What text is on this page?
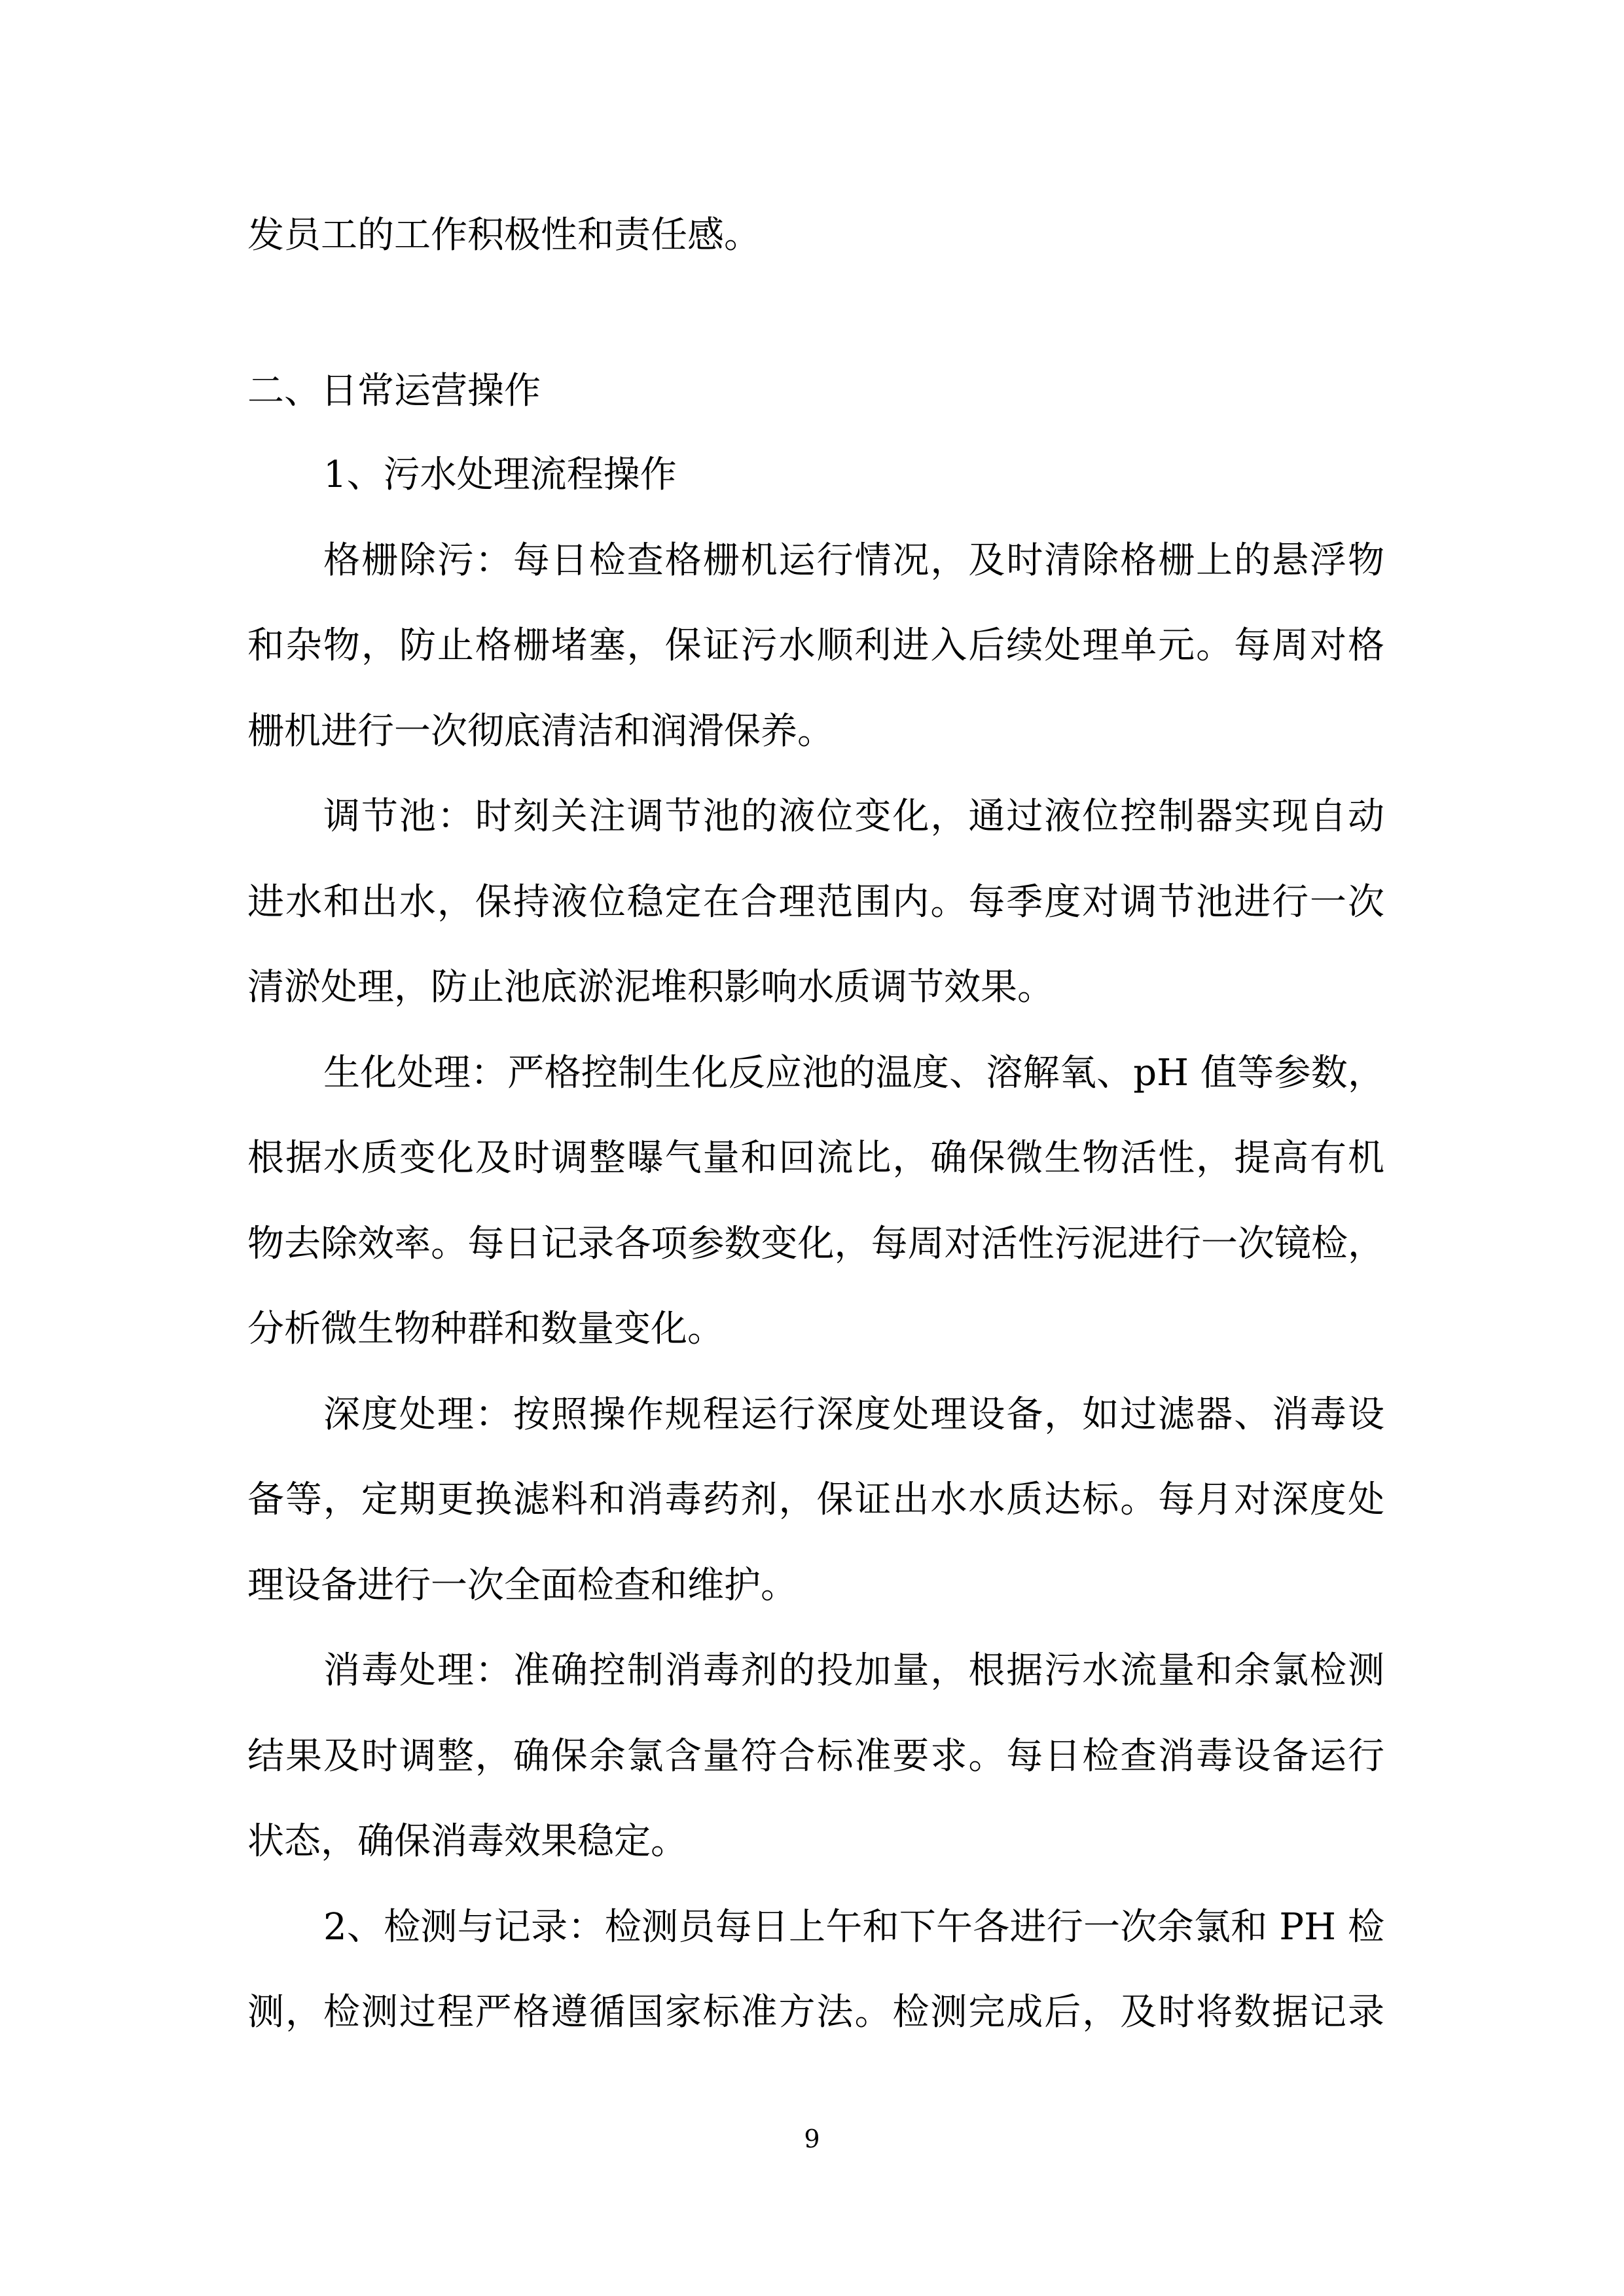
发员工的工作积极性和责任感。
二、日常运营操作
1、污水处理流程操作
格栅除污：每日检查格栅机运行情况，及时清除格栅上的悬浮物
和杂物，防止格栅堵塞，保证污水顺利进入后续处理单元。每周对格
栅机进行一次彻底清洁和润滑保养。
调节池：时刻关注调节池的液位变化，通过液位控制器实现自动
进水和出水，保持液位稳定在合理范围内。每季度对调节池进行一次
清淤处理，防止池底淤泥堆积影响水质调节效果。
生化处理：严格控制生化反应池的温度、溶解氧、pH 值等参数，
根据水质变化及时调整曝气量和回流比，确保微生物活性，提高有机
物去除效率。每日记录各项参数变化，每周对活性污泥进行一次镜检，
分析微生物种群和数量变化。
深度处理：按照操作规程运行深度处理设备，如过滤器、消毒设
备等，定期更换滤料和消毒药剂，保证出水水质达标。每月对深度处
理设备进行一次全面检查和维护。
消毒处理：准确控制消毒剂的投加量，根据污水流量和余氯检测
结果及时调整，确保余氯含量符合标准要求。每日检查消毒设备运行
状态，确保消毒效果稳定。
2、检测与记录：检测员每日上午和下午各进行一次余氯和 PH 检
测，检测过程严格遵循国家标准方法。检测完成后，及时将数据记录
9
